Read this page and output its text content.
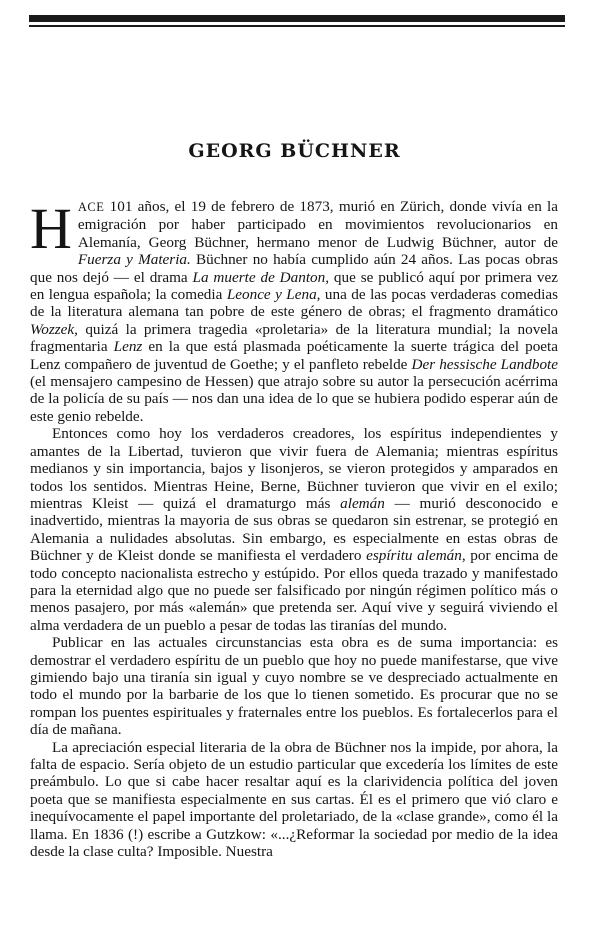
GEORG BÜCHNER

HACE 101 años, el 19 de febrero de 1873, murió en Zürich, donde vivía en la emigración por haber participado en movimientos revolucionarios en Alemanía, Georg Büchner, hermano menor de Ludwig Büchner, autor de Fuerza y Materia. Büchner no había cumplido aún 24 años. Las pocas obras que nos dejó — el drama La muerte de Danton, que se publicó aquí por primera vez en lengua española; la comedia Leonce y Lena, una de las pocas verdaderas comedias de la literatura alemana tan pobre de este género de obras; el fragmento dramático Wozzek, quizá la primera tragedia «proletaria» de la literatura mundial; la novela fragmentaria Lenz en la que está plasmada poéticamente la suerte trágica del poeta Lenz compañero de juventud de Goethe; y el panfleto rebelde Der hessische Landbote (el mensajero campesino de Hessen) que atrajo sobre su autor la persecución acérrima de la policía de su país — nos dan una idea de lo que se hubiera podido esperar aún de este genio rebelde.

Entonces como hoy los verdaderos creadores, los espíritus independientes y amantes de la Libertad, tuvieron que vivir fuera de Alemania; mientras espíritus medianos y sin importancia, bajos y lisonjeros, se vieron protegidos y amparados en todos los sentidos. Mientras Heine, Berne, Büchner tuvieron que vivir en el exilo; mientras Kleist — quizá el dramaturgo más alemán — murió desconocido e inadvertido, mientras la mayoria de sus obras se quedaron sin estrenar, se protegió en Alemania a nulidades absolutas. Sin embargo, es especialmente en estas obras de Büchner y de Kleist donde se manifiesta el verdadero espíritu alemán, por encima de todo concepto nacionalista estrecho y estúpido. Por ellos queda trazado y manifestado para la eternidad algo que no puede ser falsificado por ningún régimen político más o menos pasajero, por más «alemán» que pretenda ser. Aquí vive y seguirá viviendo el alma verdadera de un pueblo a pesar de todas las tiranías del mundo.

Publicar en las actuales circunstancias esta obra es de suma importancia: es demostrar el verdadero espíritu de un pueblo que hoy no puede manifestarse, que vive gimiendo bajo una tiranía sin igual y cuyo nombre se ve despreciado actualmente en todo el mundo por la barbarie de los que lo tienen sometido. Es procurar que no se rompan los puentes espirituales y fraternales entre los pueblos. Es fortalecerlos para el día de mañana.

La apreciación especial literaria de la obra de Büchner nos la impide, por ahora, la falta de espacio. Sería objeto de un estudio particular que excedería los límites de este preámbulo. Lo que si cabe hacer resaltar aquí es la clarividencia política del joven poeta que se manifiesta especialmente en sus cartas. Él es el primero que vió claro e inequívocamente el papel importante del proletariado, de la «clase grande», como él la llama. En 1836 (!) escribe a Gutzkow: «...¿Reformar la sociedad por medio de la idea desde la clase culta? Imposible. Nuestra
